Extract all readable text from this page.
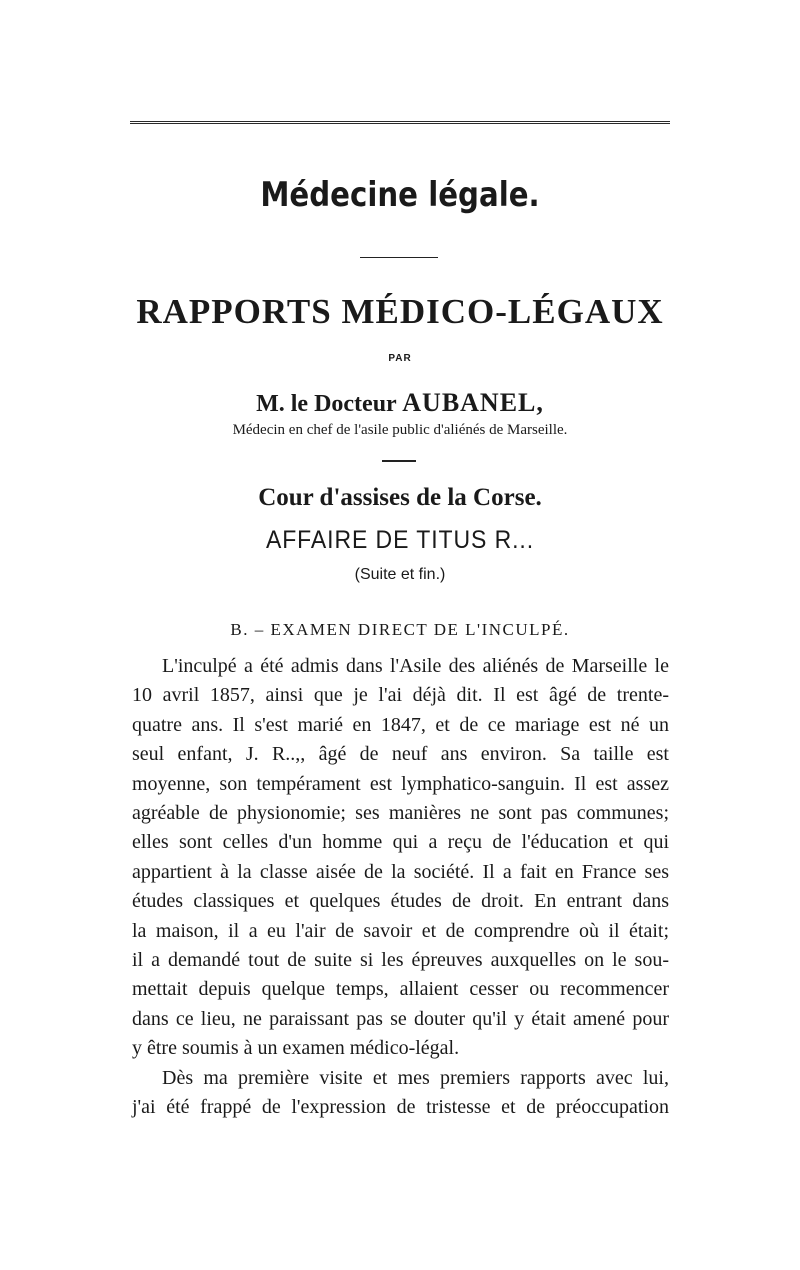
Médecine légale.
RAPPORTS MÉDICO-LÉGAUX
PAR
M. le Docteur AUBANEL,
Médecin en chef de l'asile public d'aliénés de Marseille.
Cour d'assises de la Corse.
AFFAIRE DE TITUS R...
(Suite et fin.)
B. – EXAMEN DIRECT DE L'INCULPÉ.
L'inculpé a été admis dans l'Asile des aliénés de Marseille le
10 avril 1857, ainsi que je l'ai déjà dit. Il est âgé de trente-
quatre ans. Il s'est marié en 1847, et de ce mariage est né un
seul enfant, J. R..,, âgé de neuf ans environ. Sa taille est
moyenne, son tempérament est lymphatico-sanguin. Il est assez
agréable de physionomie; ses manières ne sont pas communes;
elles sont celles d'un homme qui a reçu de l'éducation et qui
appartient à la classe aisée de la société. Il a fait en France ses
études classiques et quelques études de droit. En entrant dans
la maison, il a eu l'air de savoir et de comprendre où il était;
il a demandé tout de suite si les épreuves auxquelles on le sou-
mettait depuis quelque temps, allaient cesser ou recommencer
dans ce lieu, ne paraissant pas se douter qu'il y était amené pour
y être soumis à un examen médico-légal.
Dès ma première visite et mes premiers rapports avec lui,
j'ai été frappé de l'expression de tristesse et de préoccupation
